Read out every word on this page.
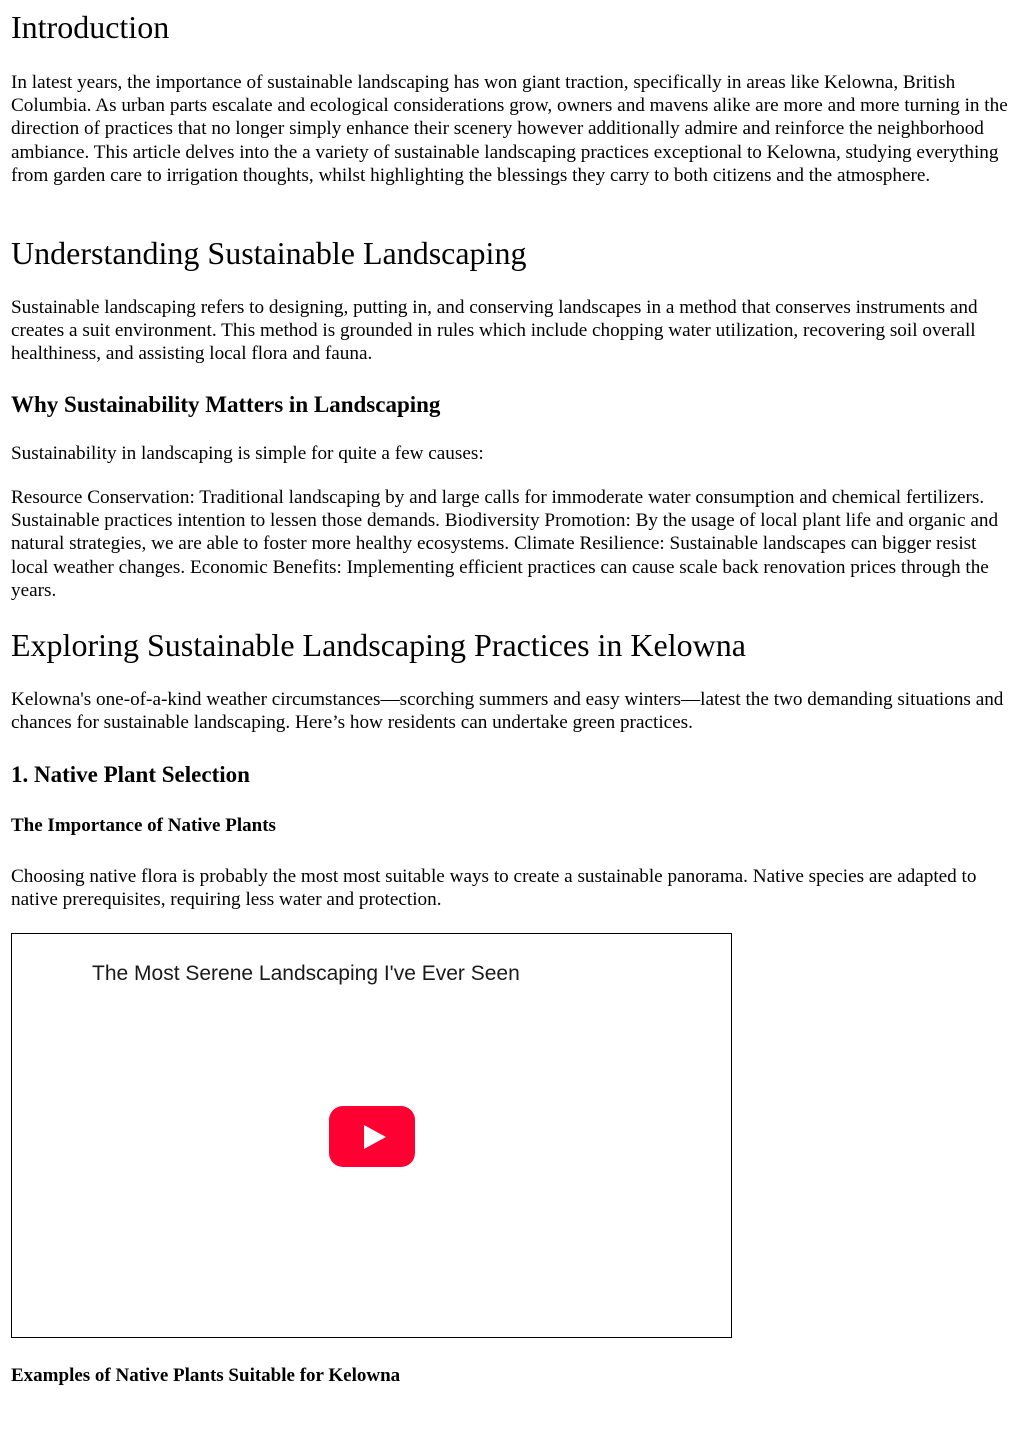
Introduction

In latest years, the importance of sustainable landscaping has won giant traction, specifically in areas like Kelowna, British Columbia. As urban parts escalate and ecological considerations grow, owners and mavens alike are more and more turning in the direction of practices that no longer simply enhance their scenery however additionally admire and reinforce the neighborhood ambiance. This article delves into the a variety of sustainable landscaping practices exceptional to Kelowna, studying everything from garden care to irrigation thoughts, whilst highlighting the blessings they carry to both citizens and the atmosphere.

Understanding Sustainable Landscaping

Sustainable landscaping refers to designing, putting in, and conserving landscapes in a method that conserves instruments and creates a suit environment. This method is grounded in rules which include chopping water utilization, recovering soil overall healthiness, and assisting local flora and fauna.

Why Sustainability Matters in Landscaping

Sustainability in landscaping is simple for quite a few causes:

Resource Conservation: Traditional landscaping by and large calls for immoderate water consumption and chemical fertilizers. Sustainable practices intention to lessen those demands. Biodiversity Promotion: By the usage of local plant life and organic and natural strategies, we are able to foster more healthy ecosystems. Climate Resilience: Sustainable landscapes can bigger resist local weather changes. Economic Benefits: Implementing efficient practices can cause scale back renovation prices through the years.

Exploring Sustainable Landscaping Practices in Kelowna

Kelowna's one-of-a-kind weather circumstances—scorching summers and easy winters—latest the two demanding situations and chances for sustainable landscaping. Here’s how residents can undertake green practices.

1. Native Plant Selection
The Importance of Native Plants

Choosing native flora is probably the most most suitable ways to create a sustainable panorama. Native species are adapted to native prerequisites, requiring less water and protection.

The Most Serene Landscaping I've Ever Seen
Examples of Native Plants Suitable for Kelowna
